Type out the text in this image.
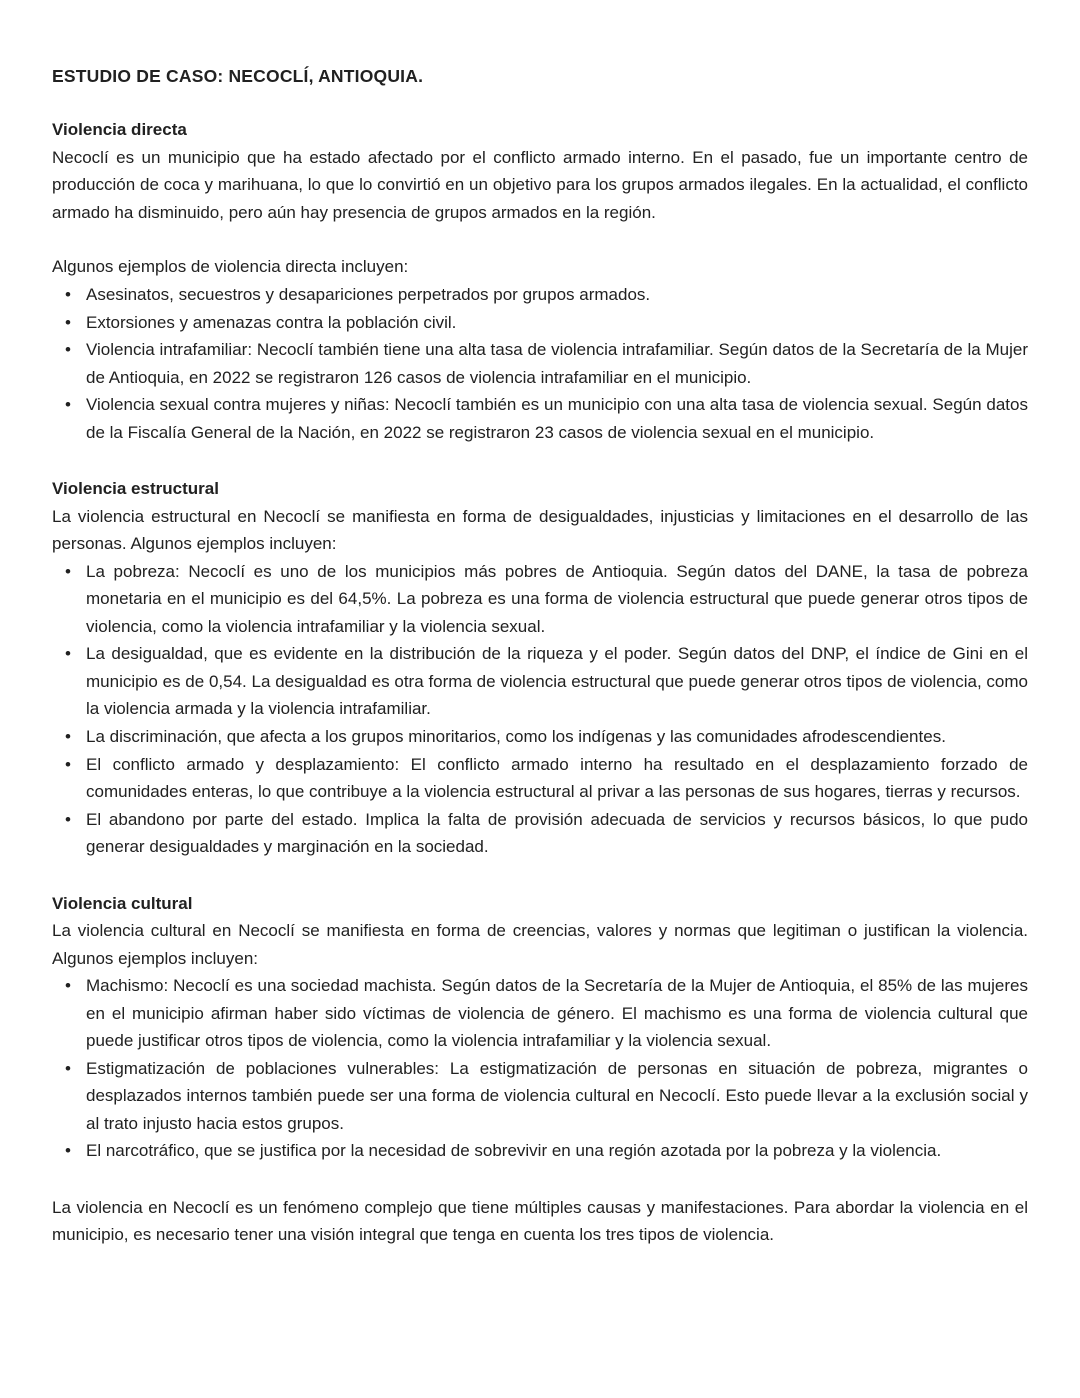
ESTUDIO DE CASO: NECOCLÍ, ANTIOQUIA.
Violencia directa

Necoclí es un municipio que ha estado afectado por el conflicto armado interno. En el pasado, fue un importante centro de producción de coca y marihuana, lo que lo convirtió en un objetivo para los grupos armados ilegales. En la actualidad, el conflicto armado ha disminuido, pero aún hay presencia de grupos armados en la región.

Algunos ejemplos de violencia directa incluyen:

• Asesinatos, secuestros y desapariciones perpetrados por grupos armados.
• Extorsiones y amenazas contra la población civil.
• Violencia intrafamiliar: Necoclí también tiene una alta tasa de violencia intrafamiliar. Según datos de la Secretaría de la Mujer de Antioquia, en 2022 se registraron 126 casos de violencia intrafamiliar en el municipio.
• Violencia sexual contra mujeres y niñas: Necoclí también es un municipio con una alta tasa de violencia sexual. Según datos de la Fiscalía General de la Nación, en 2022 se registraron 23 casos de violencia sexual en el municipio.
Violencia estructural

La violencia estructural en Necoclí se manifiesta en forma de desigualdades, injusticias y limitaciones en el desarrollo de las personas. Algunos ejemplos incluyen:

• La pobreza: Necoclí es uno de los municipios más pobres de Antioquia. Según datos del DANE, la tasa de pobreza monetaria en el municipio es del 64,5%. La pobreza es una forma de violencia estructural que puede generar otros tipos de violencia, como la violencia intrafamiliar y la violencia sexual.
• La desigualdad, que es evidente en la distribución de la riqueza y el poder. Según datos del DNP, el índice de Gini en el municipio es de 0,54. La desigualdad es otra forma de violencia estructural que puede generar otros tipos de violencia, como la violencia armada y la violencia intrafamiliar.
• La discriminación, que afecta a los grupos minoritarios, como los indígenas y las comunidades afrodescendientes.
• El conflicto armado y desplazamiento: El conflicto armado interno ha resultado en el desplazamiento forzado de comunidades enteras, lo que contribuye a la violencia estructural al privar a las personas de sus hogares, tierras y recursos.
• El abandono por parte del estado. Implica la falta de provisión adecuada de servicios y recursos básicos, lo que pudo generar desigualdades y marginación en la sociedad.
Violencia cultural

La violencia cultural en Necoclí se manifiesta en forma de creencias, valores y normas que legitiman o justifican la violencia. Algunos ejemplos incluyen:

• Machismo: Necoclí es una sociedad machista. Según datos de la Secretaría de la Mujer de Antioquia, el 85% de las mujeres en el municipio afirman haber sido víctimas de violencia de género. El machismo es una forma de violencia cultural que puede justificar otros tipos de violencia, como la violencia intrafamiliar y la violencia sexual.
• Estigmatización de poblaciones vulnerables: La estigmatización de personas en situación de pobreza, migrantes o desplazados internos también puede ser una forma de violencia cultural en Necoclí. Esto puede llevar a la exclusión social y al trato injusto hacia estos grupos.
• El narcotráfico, que se justifica por la necesidad de sobrevivir en una región azotada por la pobreza y la violencia.

La violencia en Necoclí es un fenómeno complejo que tiene múltiples causas y manifestaciones. Para abordar la violencia en el municipio, es necesario tener una visión integral que tenga en cuenta los tres tipos de violencia.
